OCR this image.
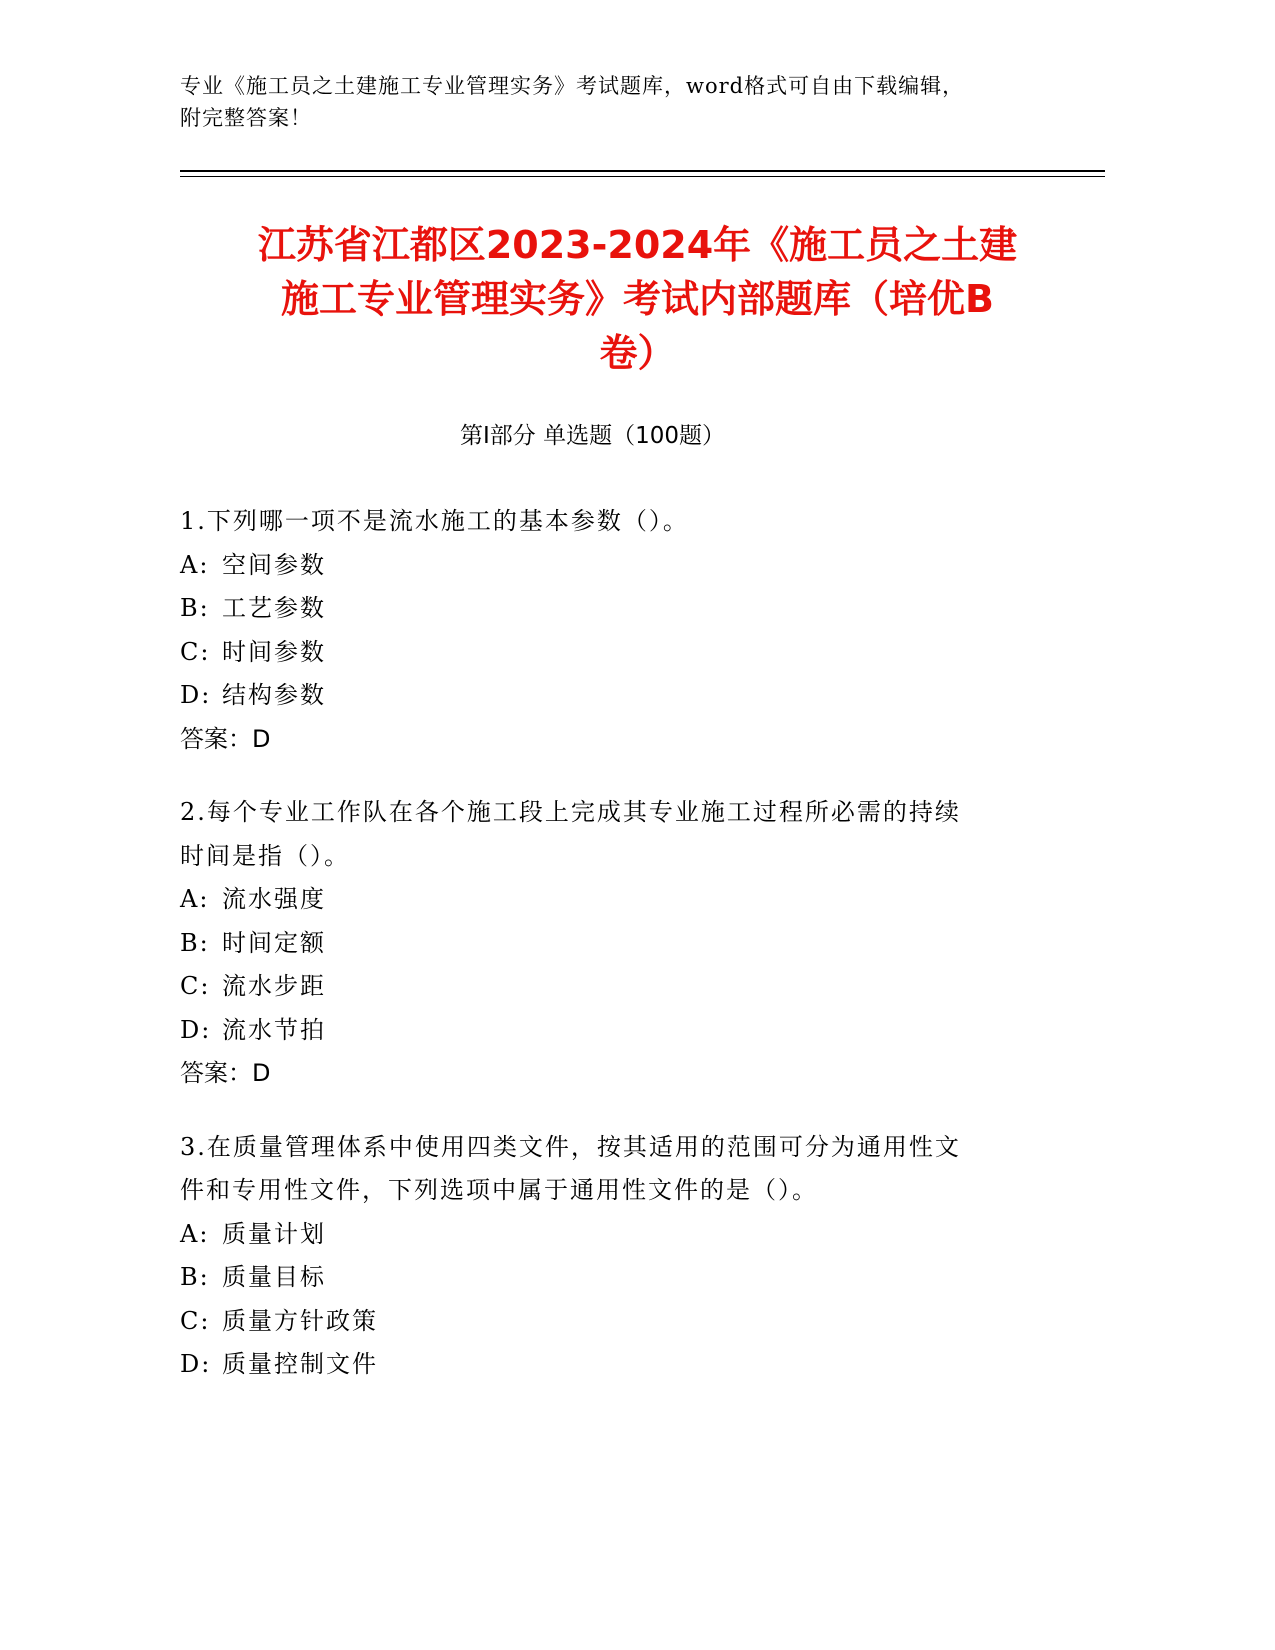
专业《施工员之土建施工专业管理实务》考试题库，word格式可自由下载编辑，
附完整答案！
江苏省江都区2023-2024年《施工员之土建
施工专业管理实务》考试内部题库（培优B
卷）
第Ⅰ部分 单选题（100题）
1.下列哪一项不是流水施工的基本参数（）。
A: 空间参数
B: 工艺参数
C: 时间参数
D: 结构参数
答案：D
2.每个专业工作队在各个施工段上完成其专业施工过程所必需的持续
时间是指（）。
A: 流水强度
B: 时间定额
C: 流水步距
D: 流水节拍
答案：D
3.在质量管理体系中使用四类文件，按其适用的范围可分为通用性文
件和专用性文件，下列选项中属于通用性文件的是（）。
A: 质量计划
B: 质量目标
C: 质量方针政策
D: 质量控制文件
